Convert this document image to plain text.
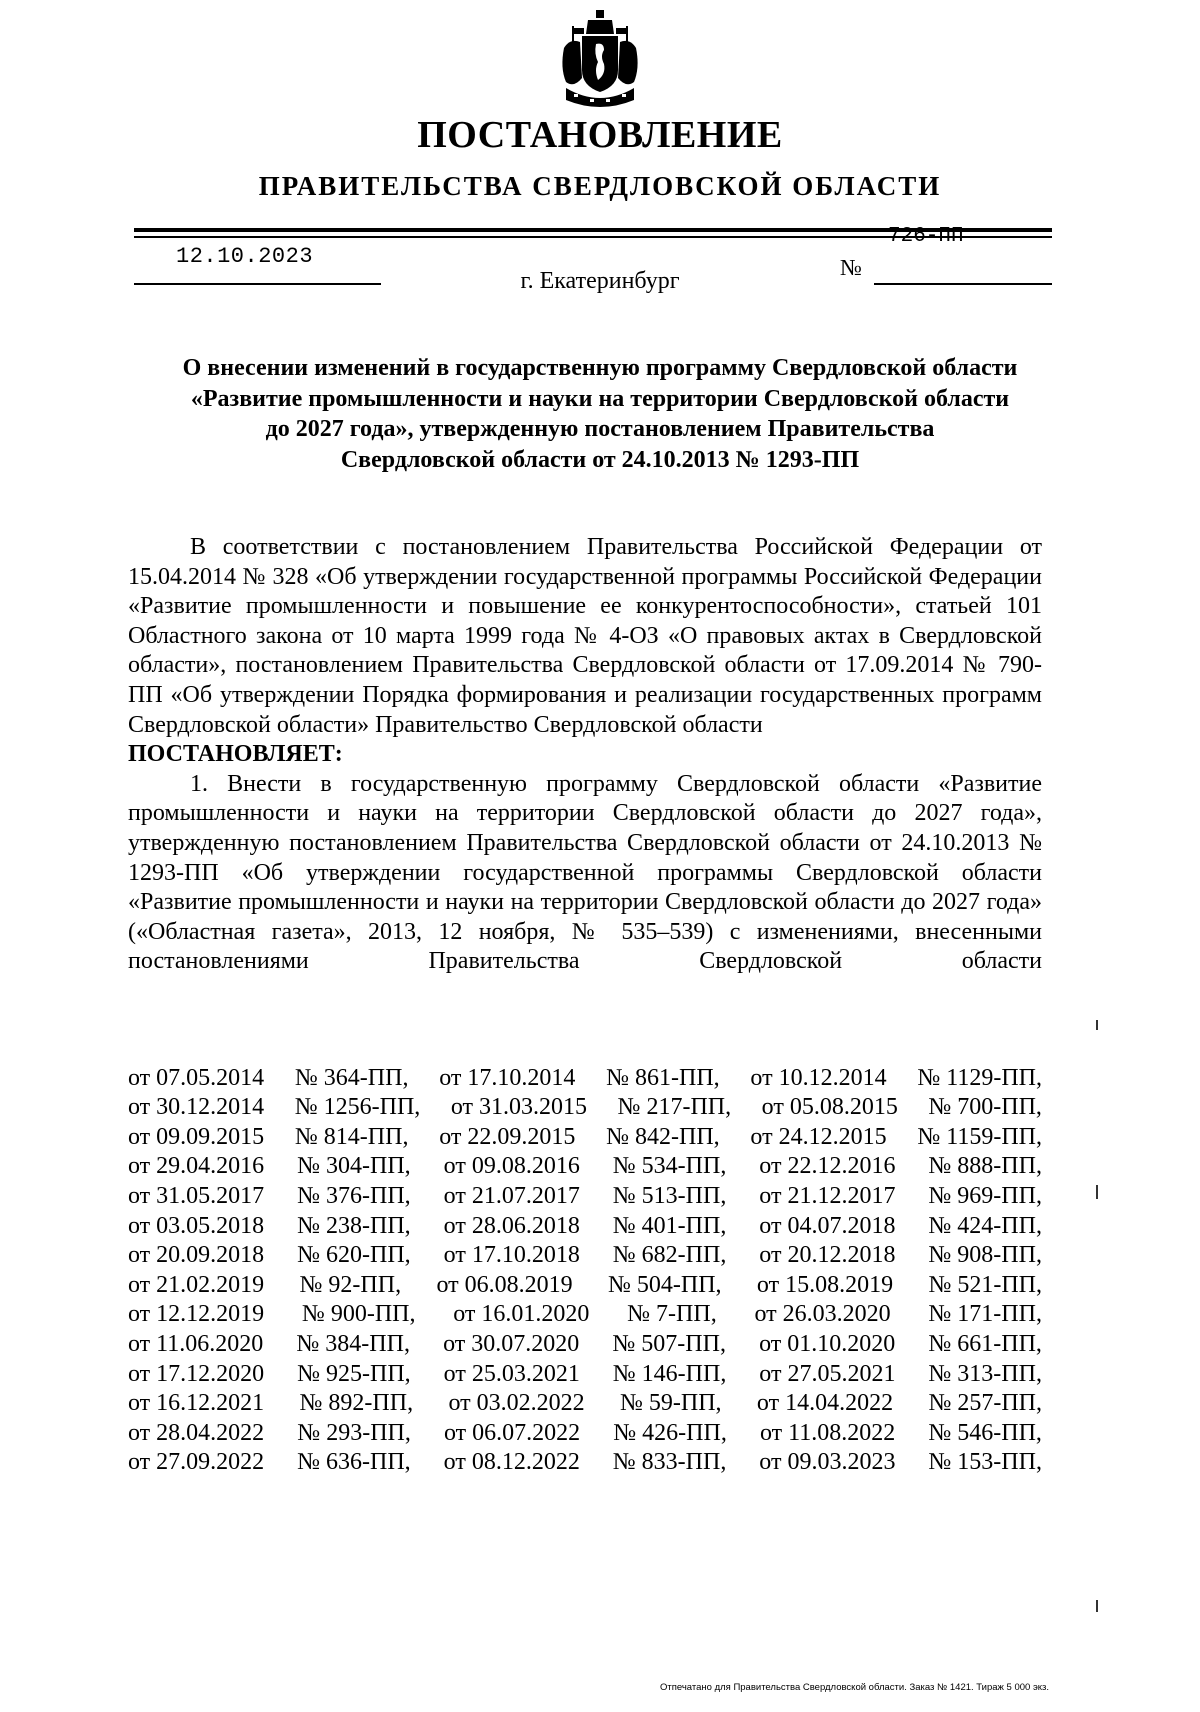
ПОСТАНОВЛЕНИЕ
ПРАВИТЕЛЬСТВА СВЕРДЛОВСКОЙ ОБЛАСТИ
12.10.2023	№
726-ПП
г. Екатеринбург
О внесении изменений в государственную программу Свердловской области
«Развитие промышленности и науки на территории Свердловской области
до 2027 года», утвержденную постановлением Правительства
Свердловской области от 24.10.2013 № 1293-ПП

В соответствии с постановлением Правительства Российской Федерации от 15.04.2014 № 328 «Об утверждении государственной программы Российской Федерации «Развитие промышленности и повышение ее конкурентоспособности», статьей 101 Областного закона от 10 марта 1999 года № 4-ОЗ «О правовых актах в Свердловской области», постановлением Правительства Свердловской области от 17.09.2014 № 790-ПП «Об утверждении Порядка формирования и реализации государственных программ Свердловской области» Правительство Свердловской области

ПОСТАНОВЛЯЕТ:

1. Внести в государственную программу Свердловской области «Развитие промышленности и науки на территории Свердловской области до 2027 года», утвержденную постановлением Правительства Свердловской области от 24.10.2013 № 1293-ПП «Об утверждении государственной программы Свердловской области «Развитие промышленности и науки на территории Свердловской области до 2027 года» («Областная газета», 2013, 12 ноября, № 535–539) с изменениями, внесенными постановлениями Правительства Свердловской области

от 07.05.2014 № 364-ПП, от 17.10.2014 № 861-ПП, от 10.12.2014 № 1129-ПП,
от 30.12.2014 № 1256-ПП, от 31.03.2015 № 217-ПП, от 05.08.2015 № 700-ПП,
от 09.09.2015 № 814-ПП, от 22.09.2015 № 842-ПП, от 24.12.2015 № 1159-ПП,
от 29.04.2016 № 304-ПП, от 09.08.2016 № 534-ПП, от 22.12.2016 № 888-ПП,
от 31.05.2017 № 376-ПП, от 21.07.2017 № 513-ПП, от 21.12.2017 № 969-ПП,
от 03.05.2018 № 238-ПП, от 28.06.2018 № 401-ПП, от 04.07.2018 № 424-ПП,
от 20.09.2018 № 620-ПП, от 17.10.2018 № 682-ПП, от 20.12.2018 № 908-ПП,
от 21.02.2019 № 92-ПП, от 06.08.2019 № 504-ПП, от 15.08.2019 № 521-ПП,
от 12.12.2019 № 900-ПП, от 16.01.2020 № 7-ПП, от 26.03.2020 № 171-ПП,
от 11.06.2020 № 384-ПП, от 30.07.2020 № 507-ПП, от 01.10.2020 № 661-ПП,
от 17.12.2020 № 925-ПП, от 25.03.2021 № 146-ПП, от 27.05.2021 № 313-ПП,
от 16.12.2021 № 892-ПП, от 03.02.2022 № 59-ПП, от 14.04.2022 № 257-ПП,
от 28.04.2022 № 293-ПП, от 06.07.2022 № 426-ПП, от 11.08.2022 № 546-ПП,
от 27.09.2022 № 636-ПП, от 08.12.2022 № 833-ПП, от 09.03.2023 № 153-ПП,
Отпечатано для Правительства Свердловской области. Заказ № 1421. Тираж 5 000 экз.
